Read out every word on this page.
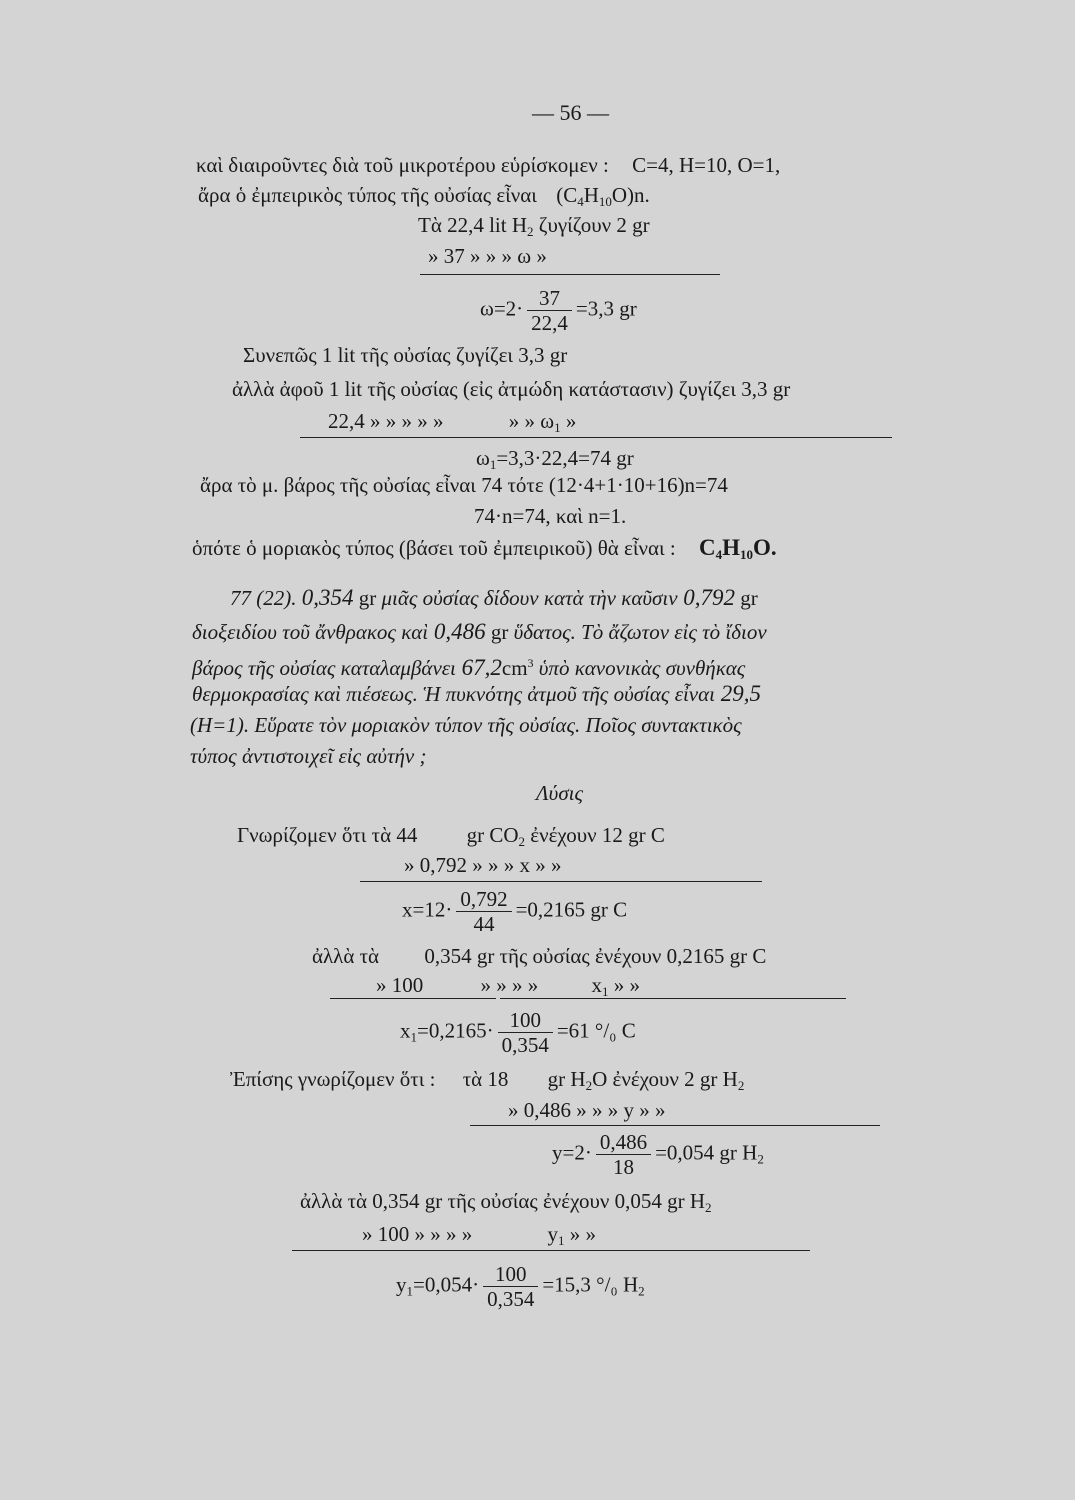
— 56 —
καὶ διαιροῦντες διὰ τοῦ μικροτέρου εὑρίσκομεν : C=4, H=10, O=1,
ἄρα ὁ ἐμπειρικὸς τύπος τῆς οὐσίας εἶναι $(C_4H_{10}O)n$.
Τὰ 22,4 lit $H_2$ ζυγίζουν 2 gr
» 37 » » » ω »
$\omega=2\cdot \frac{37}{22,4} =3,3$ gr
Συνεπῶς 1 lit τῆς οὐσίας ζυγίζει 3,3 gr
ἀλλὰ ἀφοῦ 1 lit τῆς οὐσίας (εἰς ἀτμώδη κατάστασιν) ζυγίζει 3,3 gr
22,4 » » » » »	» » $\omega_1$ »
$\omega_1=3,3\cdot 22,4=74$ gr
ἄρα τὸ μ. βάρος τῆς οὐσίας εἶναι 74 τότε (12·4+1·10+16)n=74
74·n=74, καὶ n=1.
ὁπότε ὁ μοριακὸς τύπος (βάσει τοῦ ἐμπειρικοῦ) θὰ εἶναι : $C_4H_{10}O$.
77 (22). 0,354 gr μιᾶς οὐσίας δίδουν κατὰ τὴν καῦσιν 0,792 gr
διοξειδίου τοῦ ἄνθρακος καὶ 0,486 gr ὕδατος. Τὸ ἄζωτον εἰς τὸ ἴδιον
βάρος τῆς οὐσίας καταλαμβάνει $67,2cm^3$ ὑπὸ κανονικὰς συνθήκας
θερμοκρασίας καὶ πιέσεως. Ἡ πυκνότης ἀτμοῦ τῆς οὐσίας εἶναι 29,5
(H=1). Εὕρατε τὸν μοριακὸν τύπον τῆς οὐσίας. Ποῖος συντακτικὸς
τύπος ἀντιστοιχεῖ εἰς αὐτήν ;
Λύσις
Γνωρίζομεν ὅτι τὰ 44 gr $CO_2$ ἐνέχουν 12 gr C
» 0,792 » » » x » »
$x=12\cdot \frac{0,792}{44} =0,2165$ gr C
ἀλλὰ τὰ 0,354 gr τῆς οὐσίας ἐνέχουν 0,2165 gr C
» 100	» » » »	$x_1$ » »
$x_1=0,2165\cdot \frac{100}{0,354} =61$ °/₀ C
Ἐπίσης γνωρίζομεν ὅτι : τὰ 18 gr $H_2O$ ἐνέχουν 2 gr $H_2$
» 0,486 » » » y » »
$y=2\cdot \frac{0,486}{18} =0,054$ gr $H_2$
ἀλλὰ τὰ 0,354 gr τῆς οὐσίας ἐνέχουν 0,054 gr $H_2$
» 100 » » » »	$y_1$ » »
$y_1=0,054\cdot \frac{100}{0,354} =15,3$ °/₀ $H_2$
